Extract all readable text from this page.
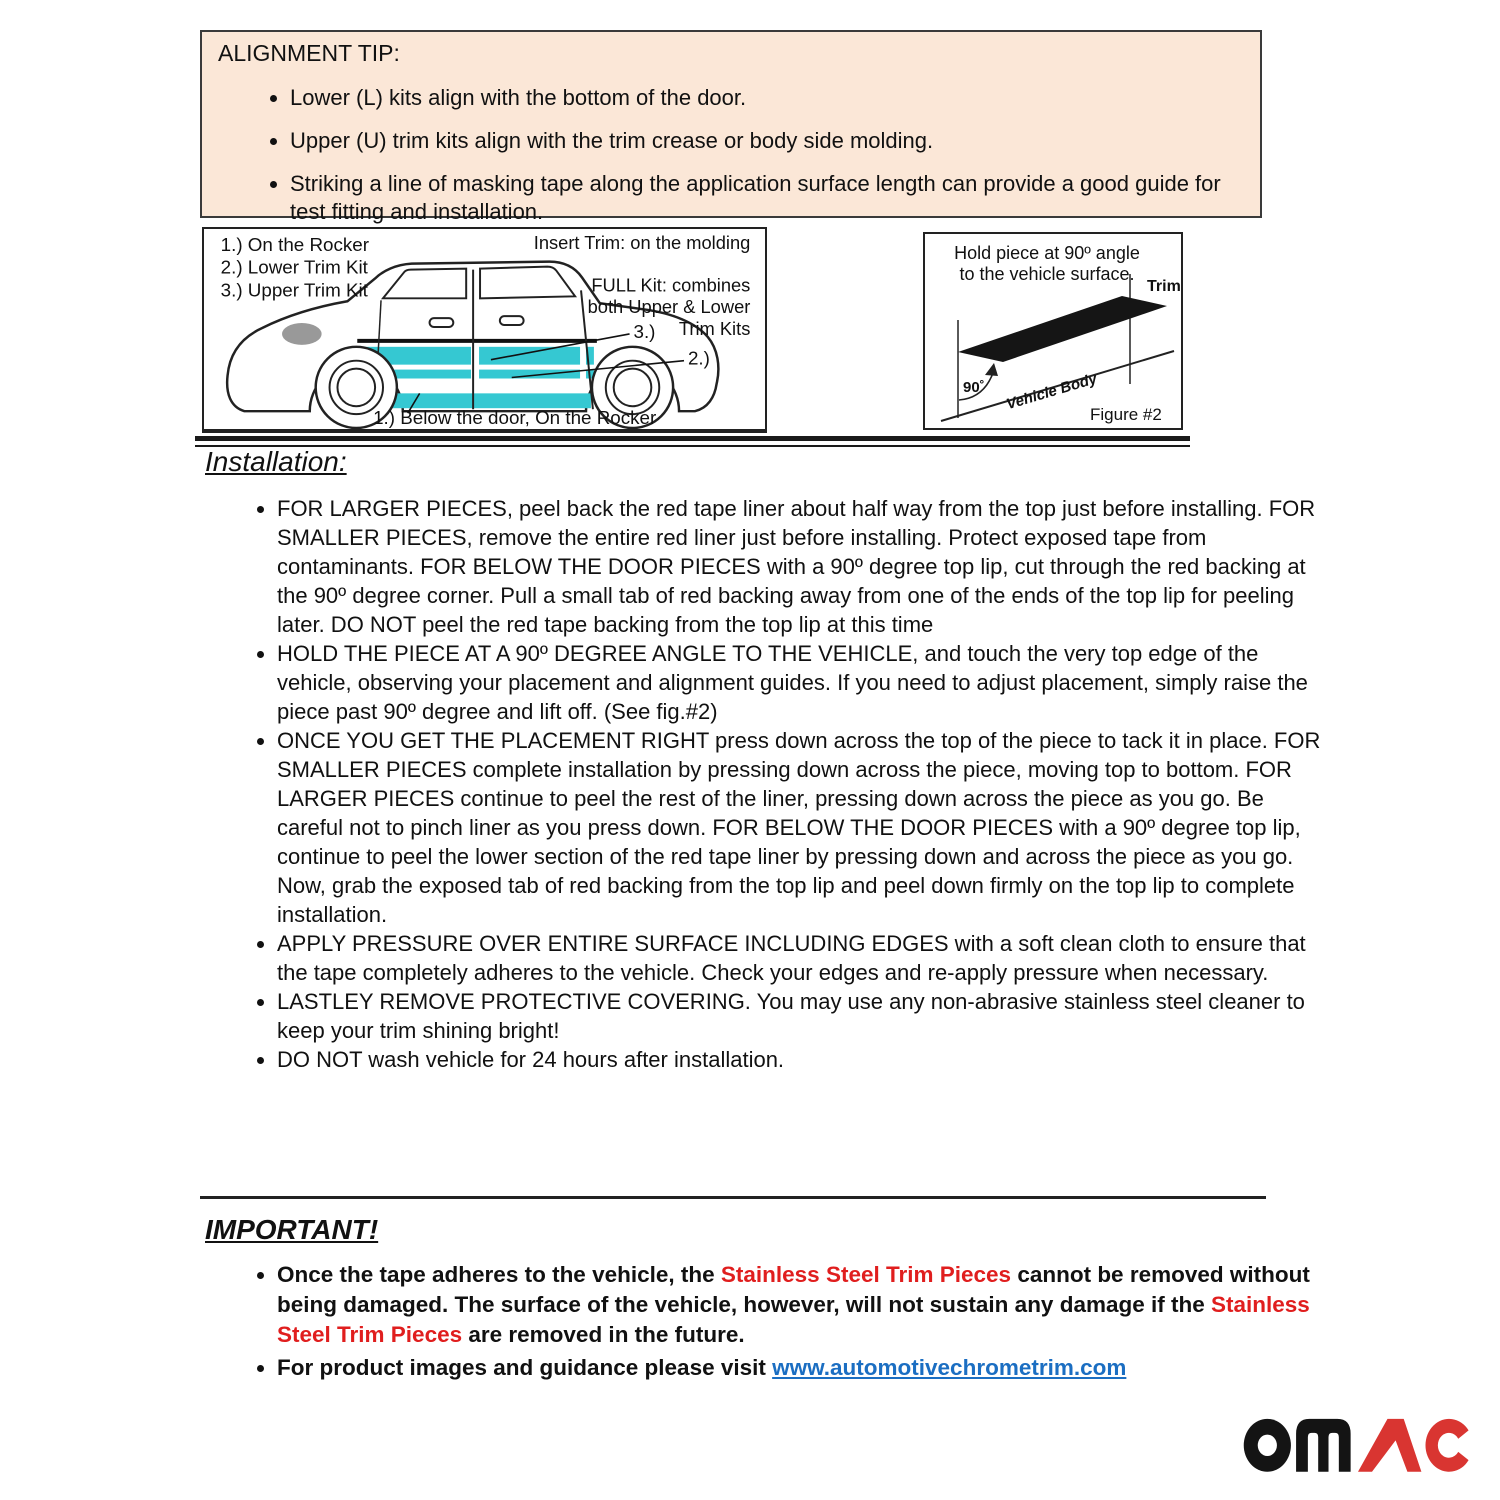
ALIGNMENT TIP:
• Lower (L) kits align with the bottom of the door.
• Upper (U) trim kits align with the trim crease or body side molding.
• Striking a line of masking tape along the application surface length can provide a good guide for test fitting and installation.
1.) On the Rocker
2.) Lower Trim Kit
3.) Upper Trim Kit
Insert Trim: on the molding
FULL Kit: combines
both Upper & Lower
Trim Kits
3.)
2.)
1.) Below the door, On the Rocker
Hold piece at 90º angle
to the vehicle surface.
90˚
Trim
Vehicle Body
Figure #2
Installation:
• FOR LARGER PIECES, peel back the red tape liner about half way from the top just before installing. FOR SMALLER PIECES, remove the entire red liner just before installing. Protect exposed tape from contaminants. FOR BELOW THE DOOR PIECES with a 90º degree top lip, cut through the red backing at the 90º degree corner. Pull a small tab of red backing away from one of the ends of the top lip for peeling later. DO NOT peel the red tape backing from the top lip at this time
• HOLD THE PIECE AT A 90º DEGREE ANGLE TO THE VEHICLE, and touch the very top edge of the vehicle, observing your placement and alignment guides. If you need to adjust placement, simply raise the piece past 90º degree and lift off. (See fig.#2)
• ONCE YOU GET THE PLACEMENT RIGHT press down across the top of the piece to tack it in place. FOR SMALLER PIECES complete installation by pressing down across the piece, moving top to bottom. FOR LARGER PIECES continue to peel the rest of the liner, pressing down across the piece as you go. Be careful not to pinch liner as you press down. FOR BELOW THE DOOR PIECES with a 90º degree top lip, continue to peel the lower section of the red tape liner by pressing down and across the piece as you go. Now, grab the exposed tab of red backing from the top lip and peel down firmly on the top lip to complete installation.
• APPLY PRESSURE OVER ENTIRE SURFACE INCLUDING EDGES with a soft clean cloth to ensure that the tape completely adheres to the vehicle. Check your edges and re-apply pressure when necessary.
• LASTLEY REMOVE PROTECTIVE COVERING. You may use any non-abrasive stainless steel cleaner to keep your trim shining bright!
• DO NOT wash vehicle for 24 hours after installation.
IMPORTANT!
• Once the tape adheres to the vehicle, the Stainless Steel Trim Pieces cannot be removed without being damaged. The surface of the vehicle, however, will not sustain any damage if the Stainless Steel Trim Pieces are removed in the future.
• For product images and guidance please visit www.automotivechrometrim.com
